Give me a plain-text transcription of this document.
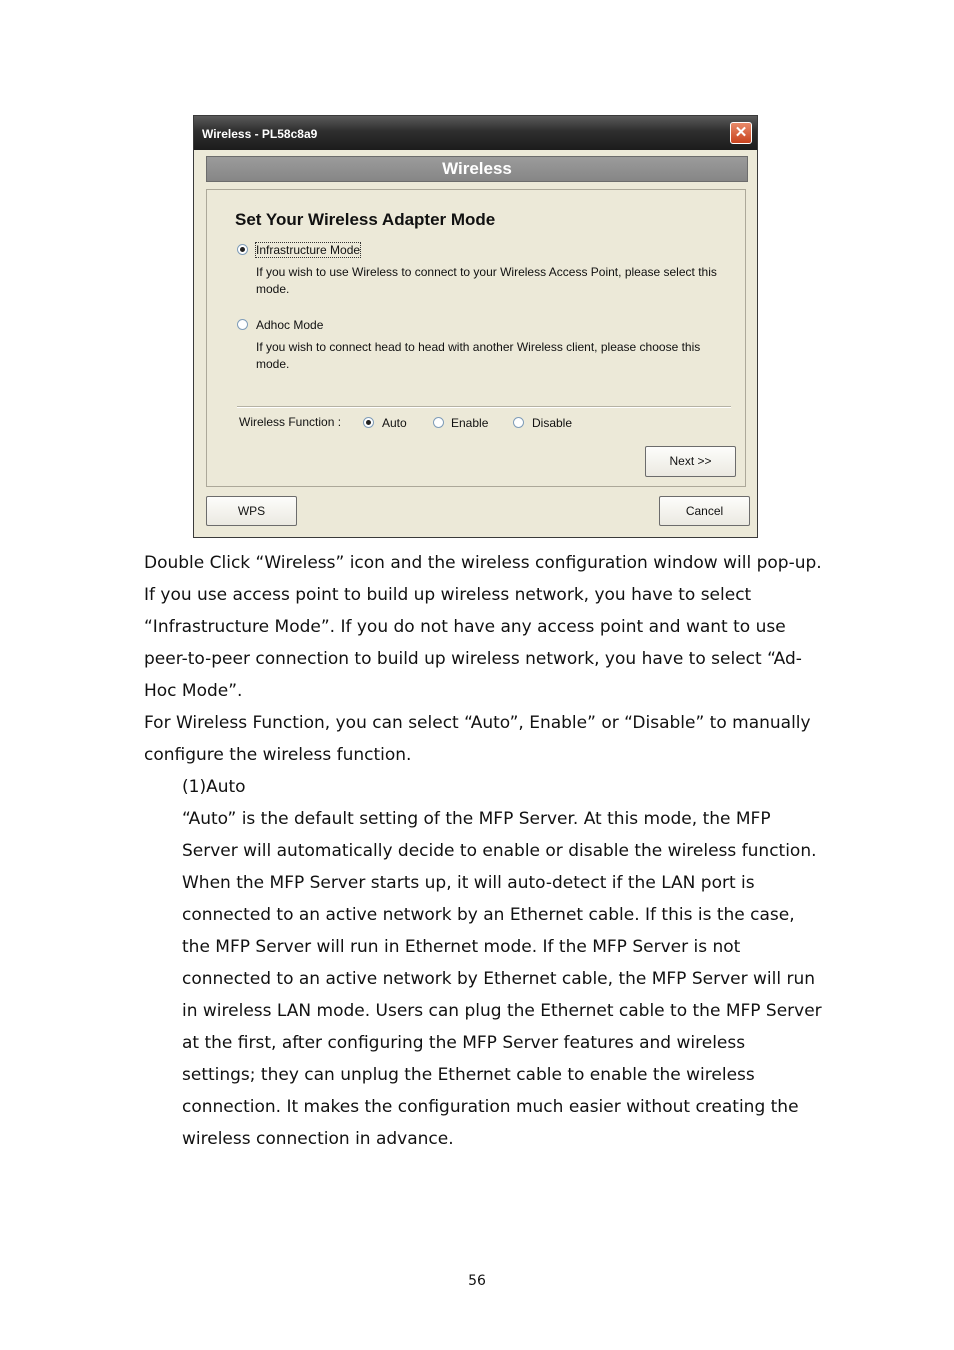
Wireless - PL58c8a9	✕
Wireless
Set Your Wireless Adapter Mode
Infrastructure Mode
If you wish to use Wireless to connect to your Wireless Access Point, please select this mode.
Adhoc Mode
If you wish to connect head to head with another Wireless client, please choose this mode.
Wireless Function :	Auto	Enable	Disable
Next >>
WPS	Cancel

Double Click “Wireless” icon and the wireless configuration window will pop-up. If you use access point to build up wireless network, you have to select “Infrastructure Mode”. If you do not have any access point and want to use peer-to-peer connection to build up wireless network, you have to select “Ad-Hoc Mode”.

For Wireless Function, you can select “Auto”, Enable” or “Disable” to manually configure the wireless function.

(1)Auto

“Auto” is the default setting of the MFP Server. At this mode, the MFP Server will automatically decide to enable or disable the wireless function. When the MFP Server starts up, it will auto-detect if the LAN port is connected to an active network by an Ethernet cable. If this is the case, the MFP Server will run in Ethernet mode. If the MFP Server is not connected to an active network by Ethernet cable, the MFP Server will run in wireless LAN mode. Users can plug the Ethernet cable to the MFP Server at the first, after configuring the MFP Server features and wireless settings; they can unplug the Ethernet cable to enable the wireless connection. It makes the configuration much easier without creating the wireless connection in advance.

56
